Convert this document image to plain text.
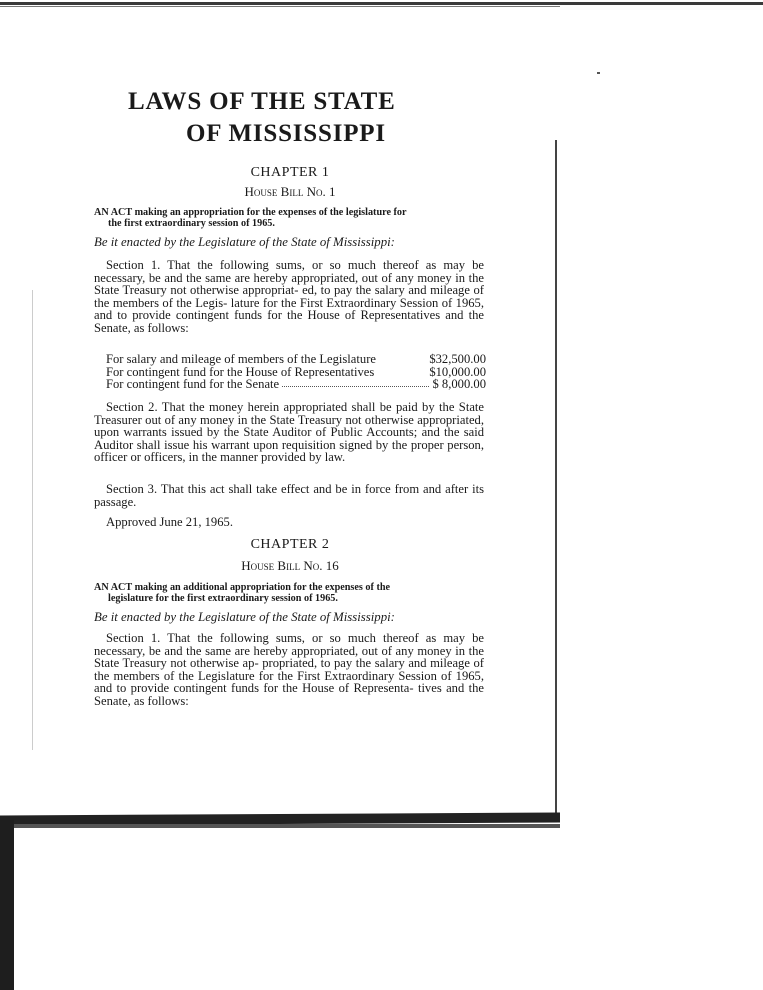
LAWS OF THE STATE
OF MISSISSIPPI
CHAPTER 1
House Bill No. 1
AN ACT making an appropriation for the expenses of the legislature for
the first extraordinary session of 1965.
Be it enacted by the Legislature of the State of Mississippi:
Section 1. That the following sums, or so much thereof as may be necessary, be and the same are hereby appropriated, out of any money in the State Treasury not otherwise appropriat- ed, to pay the salary and mileage of the members of the Legis- lature for the First Extraordinary Session of 1965, and to provide contingent funds for the House of Representatives and the Senate, as follows:
For salary and mileage of members of the Legislature	$32,500.00
For contingent fund for the House of Representatives	$10,000.00
For contingent fund for the Senate	$ 8,000.00
Section 2. That the money herein appropriated shall be paid by the State Treasurer out of any money in the State Treasury not otherwise appropriated, upon warrants issued by the State Auditor of Public Accounts; and the said Auditor shall issue his warrant upon requisition signed by the proper person, officer or officers, in the manner provided by law.
Section 3. That this act shall take effect and be in force from and after its passage.
Approved June 21, 1965.
CHAPTER 2
House Bill No. 16
AN ACT making an additional appropriation for the expenses of the
legislature for the first extraordinary session of 1965.
Be it enacted by the Legislature of the State of Mississippi:
Section 1. That the following sums, or so much thereof as may be necessary, be and the same are hereby appropriated, out of any money in the State Treasury not otherwise ap- propriated, to pay the salary and mileage of the members of the Legislature for the First Extraordinary Session of 1965, and to provide contingent funds for the House of Representa- tives and the Senate, as follows:
